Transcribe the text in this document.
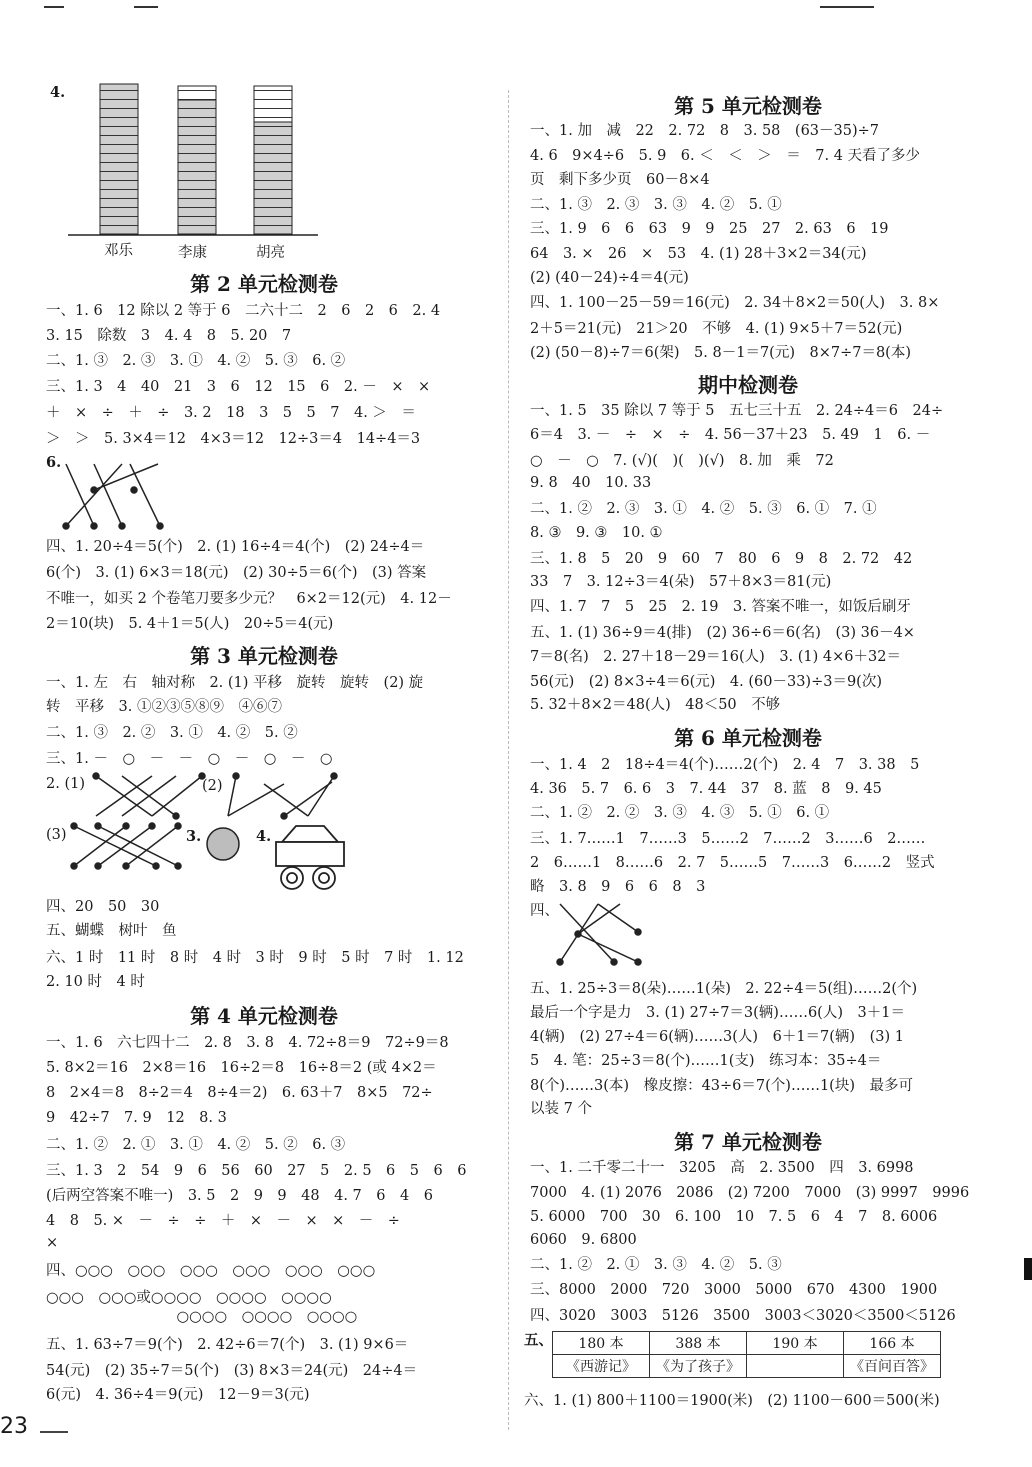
4.
邓乐	李康	胡亮
第 2 单元检测卷
一、1. 6　12 除以 2 等于 6　二六十二　2　6　2　6　2. 4
3. 15　除数　3　4. 4　8　5. 20　7
二、1. ③　2. ③　3. ①　4. ②　5. ③　6. ②
三、1. 3　4　40　21　3　6　12　15　6　2. －　×　×
＋　×　÷　＋　÷　3. 2　18　3　5　5　7　4. ＞　＝
＞　＞　5. 3×4＝12　4×3＝12　12÷3＝4　14÷4＝3
6.
四、1. 20÷4＝5(个)　2. (1) 16÷4＝4(个)　(2) 24÷4＝
6(个)　3. (1) 6×3＝18(元)　(2) 30÷5＝6(个)　(3) 答案
不唯一，如买 2 个卷笔刀要多少元？　6×2＝12(元)　4. 12－
2＝10(块)　5. 4＋1＝5(人)　20÷5＝4(元)
第 3 单元检测卷
一、1. 左　右　轴对称　2. (1) 平移　旋转　旋转　(2) 旋
转　平移　3. ①②③⑤⑧⑨　④⑥⑦
二、1. ③　2. ②　3. ①　4. ②　5. ②
三、1. －　○　－　－　○　－　○　－　○
2. (1)	(2)
(3)	3.	4.
四、20　50　30
五、蝴蝶　树叶　鱼
六、1 时　11 时　8 时　4 时　3 时　9 时　5 时　7 时　1. 12
2. 10 时　4 时
第 4 单元检测卷
一、1. 6　六七四十二　2. 8　3. 8　4. 72÷8＝9　72÷9＝8
5. 8×2＝16　2×8＝16　16÷2＝8　16÷8＝2 (或 4×2＝
8　2×4＝8　8÷2＝4　8÷4＝2)　6. 63＋7　8×5　72÷
9　42÷7　7. 9　12　8. 3
二、1. ②　2. ①　3. ①　4. ②　5. ②　6. ③
三、1. 3　2　54　9　6　56　60　27　5　2. 5　6　5　6　6
(后两空答案不唯一)　3. 5　2　9　9　48　4. 7　6　4　6
4　8　5. ×　－　÷　÷　＋　×　－　×　×　－　÷
×
四、○○○　○○○　○○○　○○○　○○○　○○○
○○○　○○○或○○○○　○○○○　○○○○
　　　　　　　　　○○○○　○○○○　○○○○
五、1. 63÷7＝9(个)　2. 42÷6＝7(个)　3. (1) 9×6＝
54(元)　(2) 35÷7＝5(个)　(3) 8×3＝24(元)　24÷4＝
6(元)　4. 36÷4＝9(元)　12－9＝3(元)
第 5 单元检测卷
一、1. 加　减　22　2. 72　8　3. 58　(63－35)÷7
4. 6　9×4÷6　5. 9　6. ＜　＜　＞　＝　7. 4 天看了多少
页　剩下多少页　60－8×4
二、1. ③　2. ③　3. ③　4. ②　5. ①
三、1. 9　6　6　63　9　9　25　27　2. 63　6　19
64　3. ×　26　×　53　4. (1) 28＋3×2＝34(元)
(2) (40－24)÷4＝4(元)
四、1. 100－25－59＝16(元)　2. 34＋8×2＝50(人)　3. 8×
2＋5＝21(元)　21＞20　不够　4. (1) 9×5＋7＝52(元)
(2) (50－8)÷7＝6(架)　5. 8－1＝7(元)　8×7÷7＝8(本)
期中检测卷
一、1. 5　35 除以 7 等于 5　五七三十五　2. 24÷4＝6　24÷
6＝4　3. －　÷　×　÷　4. 56－37＋23　5. 49　1　6. －
○　－　○　7. (√)(　)(　)(√)　8. 加　乘　72
9. 8　40　10. 33
二、1. ②　2. ③　3. ①　4. ②　5. ③　6. ①　7. ①
8. ③　9. ③　10. ①
三、1. 8　5　20　9　60　7　80　6　9　8　2. 72　42
33　7　3. 12÷3＝4(朵)　57＋8×3＝81(元)
四、1. 7　7　5　25　2. 19　3. 答案不唯一，如饭后刷牙
五、1. (1) 36÷9＝4(排)　(2) 36÷6＝6(名)　(3) 36－4×
7＝8(名)　2. 27＋18－29＝16(人)　3. (1) 4×6＋32＝
56(元)　(2) 8×3÷4＝6(元)　4. (60－33)÷3＝9(次)
5. 32＋8×2＝48(人)　48＜50　不够
第 6 单元检测卷
一、1. 4　2　18÷4＝4(个)……2(个)　2. 4　7　3. 38　5
4. 36　5. 7　6. 6　3　7. 44　37　8. 蓝　8　9. 45
二、1. ②　2. ②　3. ③　4. ③　5. ①　6. ①
三、1. 7……1　7……3　5……2　7……2　3……6　2……
2　6……1　8……6　2. 7　5……5　7……3　6……2　竖式
略　3. 8　9　6　6　8　3
四、
五、1. 25÷3＝8(朵)……1(朵)　2. 22÷4＝5(组)……2(个)
最后一个字是力　3. (1) 27÷7＝3(辆)……6(人)　3＋1＝
4(辆)　(2) 27÷4＝6(辆)……3(人)　6＋1＝7(辆)　(3) 1
5　4. 笔：25÷3＝8(个)……1(支)　练习本：35÷4＝
8(个)……3(本)　橡皮擦：43÷6＝7(个)……1(块)　最多可
以装 7 个
第 7 单元检测卷
一、1. 二千零二十一　3205　高　2. 3500　四　3. 6998
7000　4. (1) 2076　2086　(2) 7200　7000　(3) 9997　9996
5. 6000　700　30　6. 100　10　7. 5　6　4　7　8. 6006
6060　9. 6800
二、1. ②　2. ①　3. ③　4. ②　5. ③
三、8000　2000　720　3000　5000　670　4300　1900
四、3020　3003　5126　3500　3003＜3020＜3500＜5126
五、
六、1. (1) 800＋1100＝1900(米)　(2) 1100－600＝500(米)
180 本	388 本	190 本	166 本
《西游记》	《为了孩子》		《百问百答》
23
